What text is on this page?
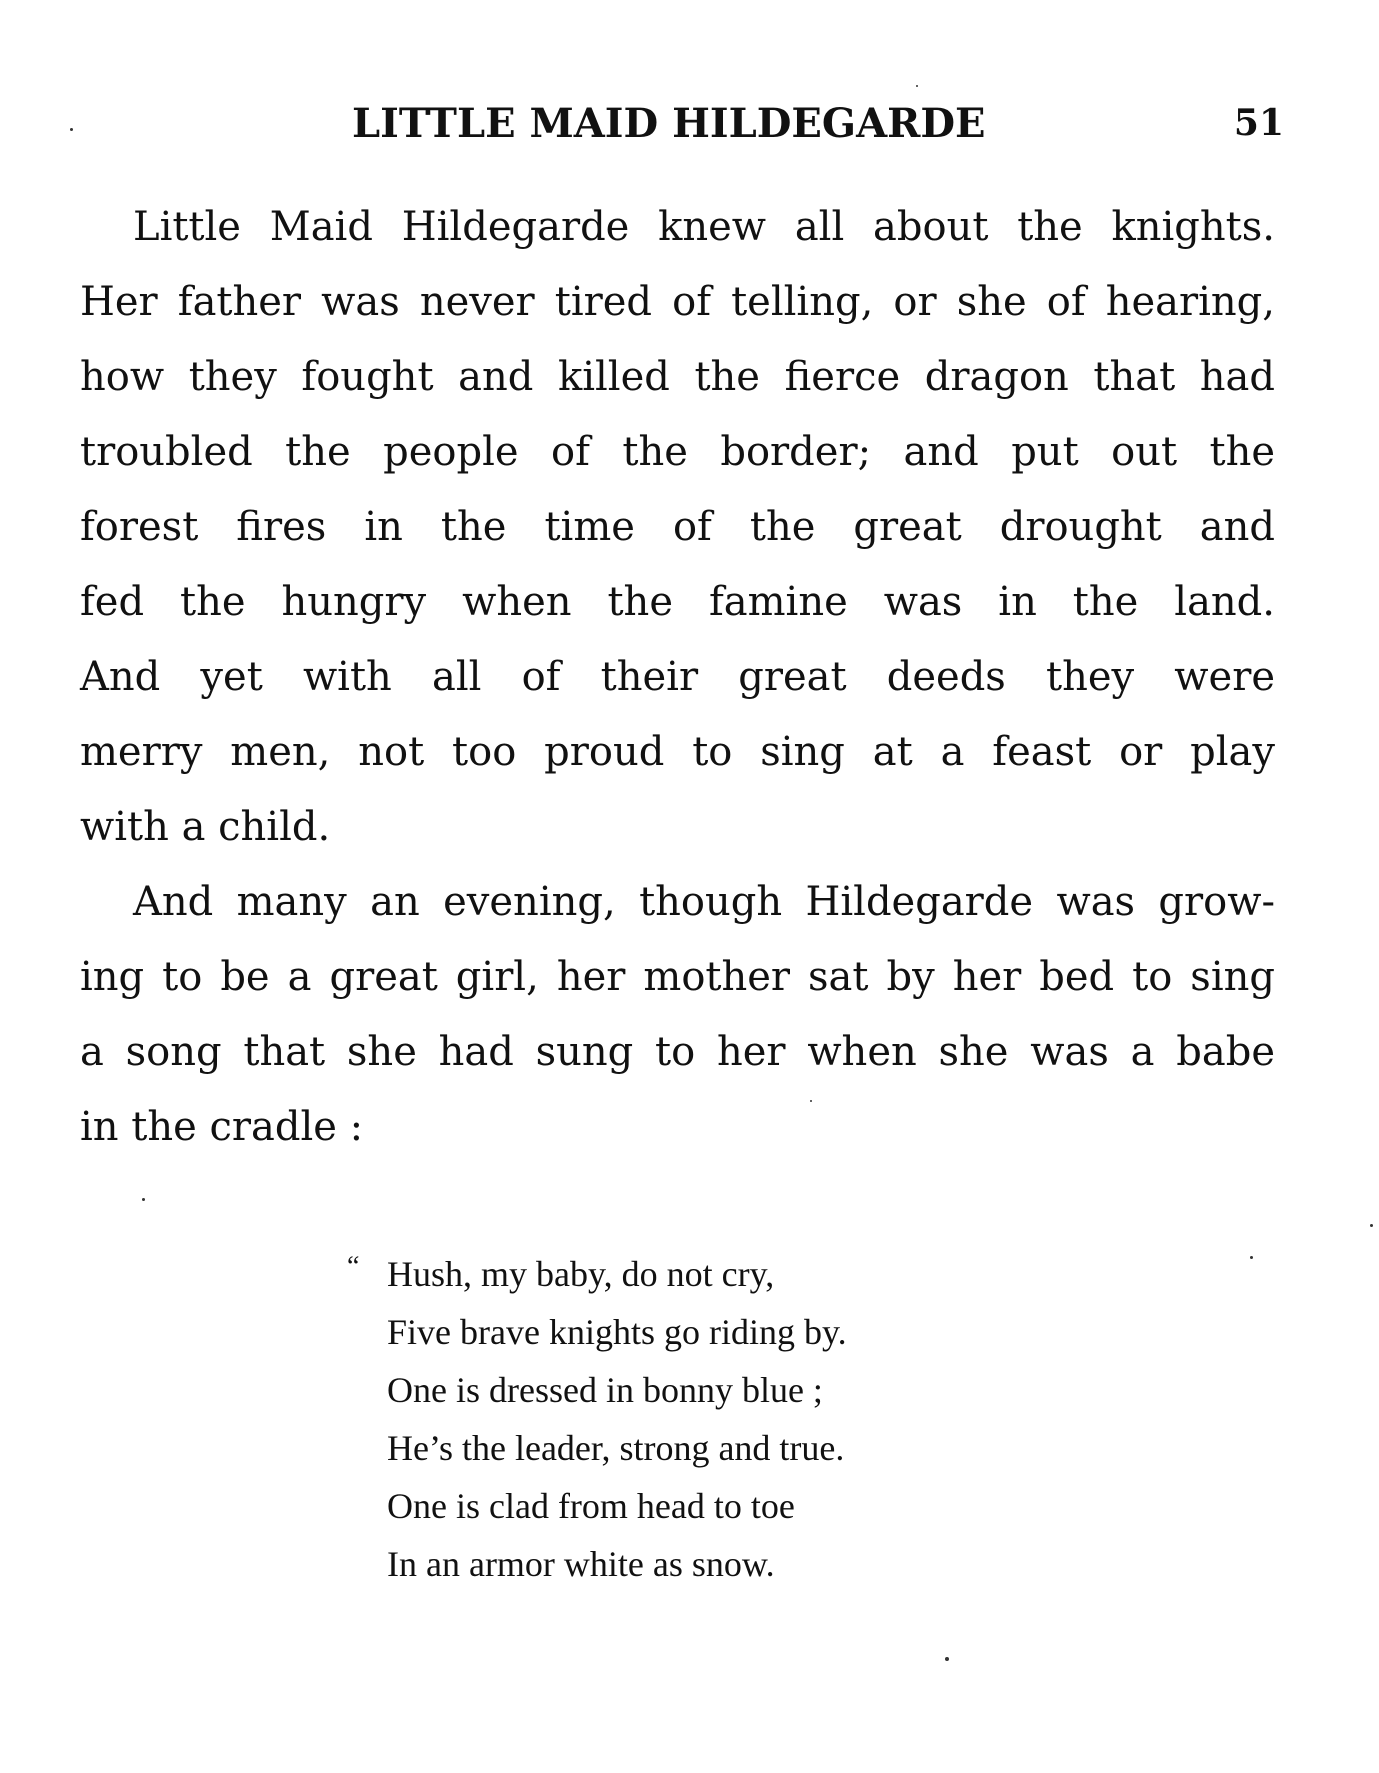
LITTLE MAID HILDEGARDE	51
Little Maid Hildegarde knew all about the knights.
Her father was never tired of telling, or she of hearing,
how they fought and killed the fierce dragon that had
troubled the people of the border; and put out the
forest fires in the time of the great drought and
fed the hungry when the famine was in the land.
And yet with all of their great deeds they were
merry men, not too proud to sing at a feast or play
with a child.
And many an evening, though Hildegarde was grow-
ing to be a great girl, her mother sat by her bed to sing
a song that she had sung to her when she was a babe
in the cradle :
“ Hush, my baby, do not cry,
Five brave knights go riding by.
One is dressed in bonny blue ;
He’s the leader, strong and true.
One is clad from head to toe
In an armor white as snow.
